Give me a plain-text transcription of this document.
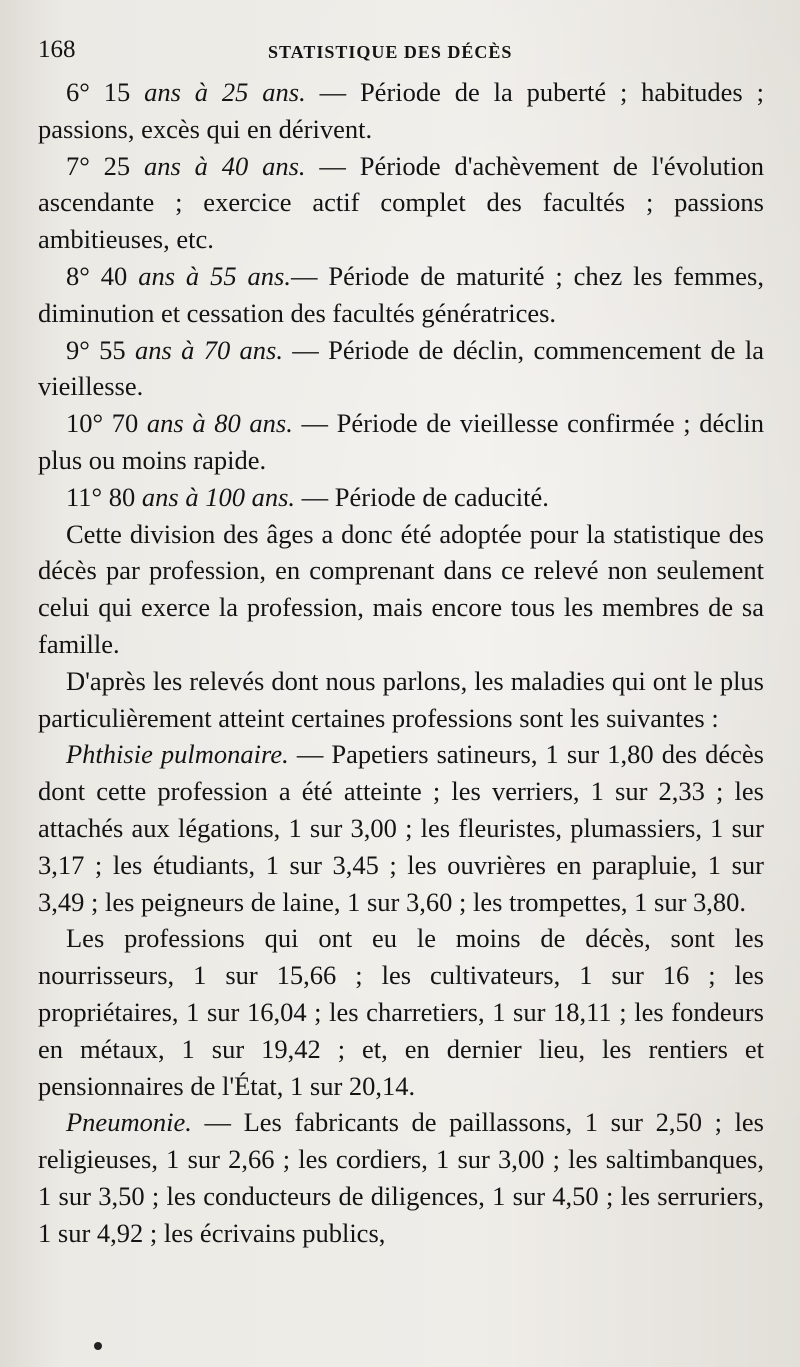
168	STATISTIQUE DES DÉCÈS

6° 15 ans à 25 ans. — Période de la puberté ; habitudes ; passions, excès qui en dérivent.

7° 25 ans à 40 ans. — Période d'achèvement de l'évolution ascendante ; exercice actif complet des facultés ; passions ambitieuses, etc.

8° 40 ans à 55 ans.— Période de maturité ; chez les femmes, diminution et cessation des facultés génératrices.

9° 55 ans à 70 ans. — Période de déclin, commencement de la vieillesse.

10° 70 ans à 80 ans. — Période de vieillesse confirmée ; déclin plus ou moins rapide.

11° 80 ans à 100 ans. — Période de caducité.

Cette division des âges a donc été adoptée pour la statistique des décès par profession, en comprenant dans ce relevé non seulement celui qui exerce la profession, mais encore tous les membres de sa famille.

D'après les relevés dont nous parlons, les maladies qui ont le plus particulièrement atteint certaines professions sont les suivantes :

Phthisie pulmonaire. — Papetiers satineurs, 1 sur 1,80 des décès dont cette profession a été atteinte ; les verriers, 1 sur 2,33 ; les attachés aux légations, 1 sur 3,00 ; les fleuristes, plumassiers, 1 sur 3,17 ; les étudiants, 1 sur 3,45 ; les ouvrières en parapluie, 1 sur 3,49 ; les peigneurs de laine, 1 sur 3,60 ; les trompettes, 1 sur 3,80.

Les professions qui ont eu le moins de décès, sont les nourrisseurs, 1 sur 15,66 ; les cultivateurs, 1 sur 16 ; les propriétaires, 1 sur 16,04 ; les charretiers, 1 sur 18,11 ; les fondeurs en métaux, 1 sur 19,42 ; et, en dernier lieu, les rentiers et pensionnaires de l'État, 1 sur 20,14.

Pneumonie. — Les fabricants de paillassons, 1 sur 2,50 ; les religieuses, 1 sur 2,66 ; les cordiers, 1 sur 3,00 ; les saltimbanques, 1 sur 3,50 ; les conducteurs de diligences, 1 sur 4,50 ; les serruriers, 1 sur 4,92 ; les écrivains publics,
